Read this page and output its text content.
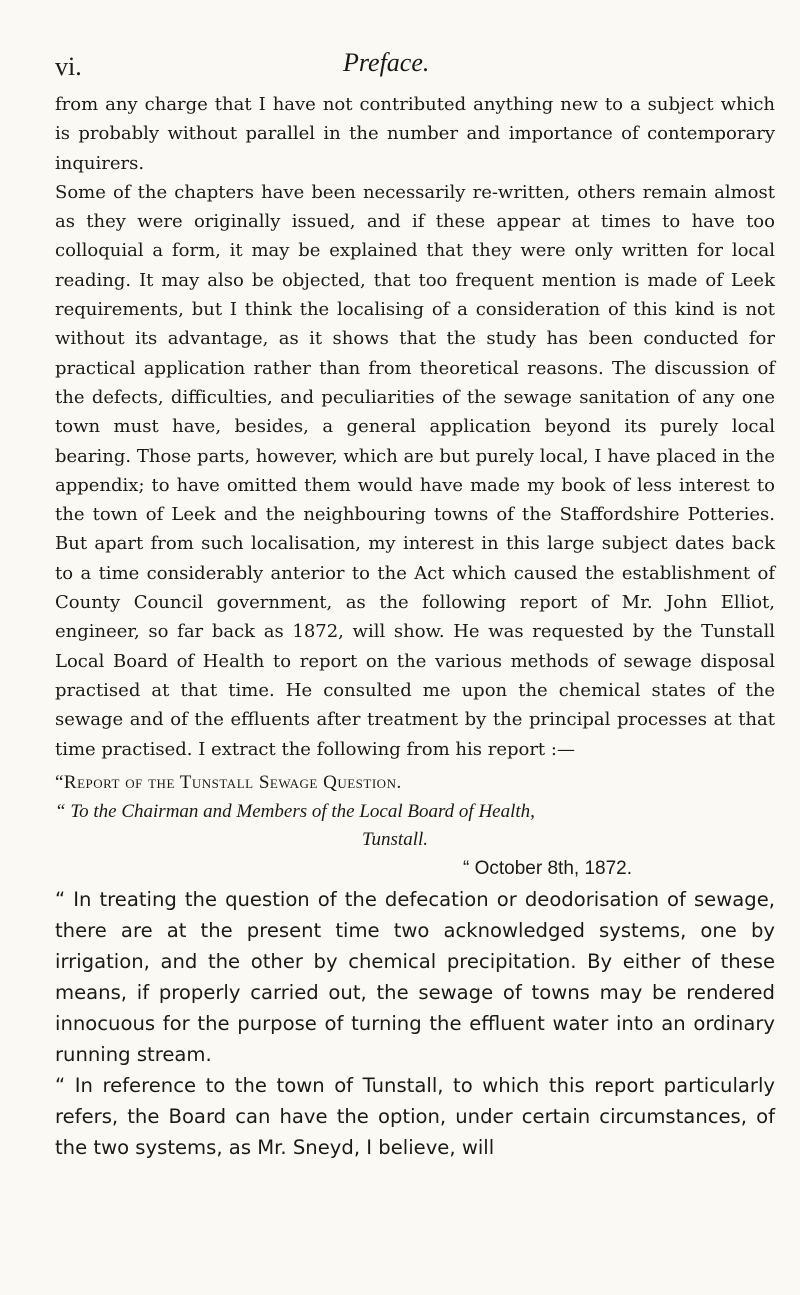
vi.	Preface.

from any charge that I have not contributed anything new to a subject which is probably without parallel in the number and importance of contemporary inquirers.

Some of the chapters have been necessarily re-written, others remain almost as they were originally issued, and if these appear at times to have too colloquial a form, it may be explained that they were only written for local reading. It may also be objected, that too frequent mention is made of Leek requirements, but I think the localising of a consideration of this kind is not without its advantage, as it shows that the study has been conducted for practical application rather than from theoretical reasons. The discussion of the defects, difficulties, and peculiarities of the sewage sanitation of any one town must have, besides, a general application beyond its purely local bearing. Those parts, however, which are but purely local, I have placed in the appendix; to have omitted them would have made my book of less interest to the town of Leek and the neighbouring towns of the Staffordshire Potteries. But apart from such localisation, my interest in this large subject dates back to a time considerably anterior to the Act which caused the establishment of County Council government, as the following report of Mr. John Elliot, engineer, so far back as 1872, will show. He was requested by the Tunstall Local Board of Health to report on the various methods of sewage disposal practised at that time. He consulted me upon the chemical states of the sewage and of the effluents after treatment by the principal processes at that time practised. I extract the following from his report :—

“Report of the Tunstall Sewage Question.

“ To the Chairman and Members of the Local Board of Health,
Tunstall.

“ October 8th, 1872.

“ In treating the question of the defecation or deodorisation of sewage, there are at the present time two acknowledged systems, one by irrigation, and the other by chemical precipitation. By either of these means, if properly carried out, the sewage of towns may be rendered innocuous for the purpose of turning the effluent water into an ordinary running stream.

“ In reference to the town of Tunstall, to which this report particularly refers, the Board can have the option, under certain circumstances, of the two systems, as Mr. Sneyd, I believe, will
